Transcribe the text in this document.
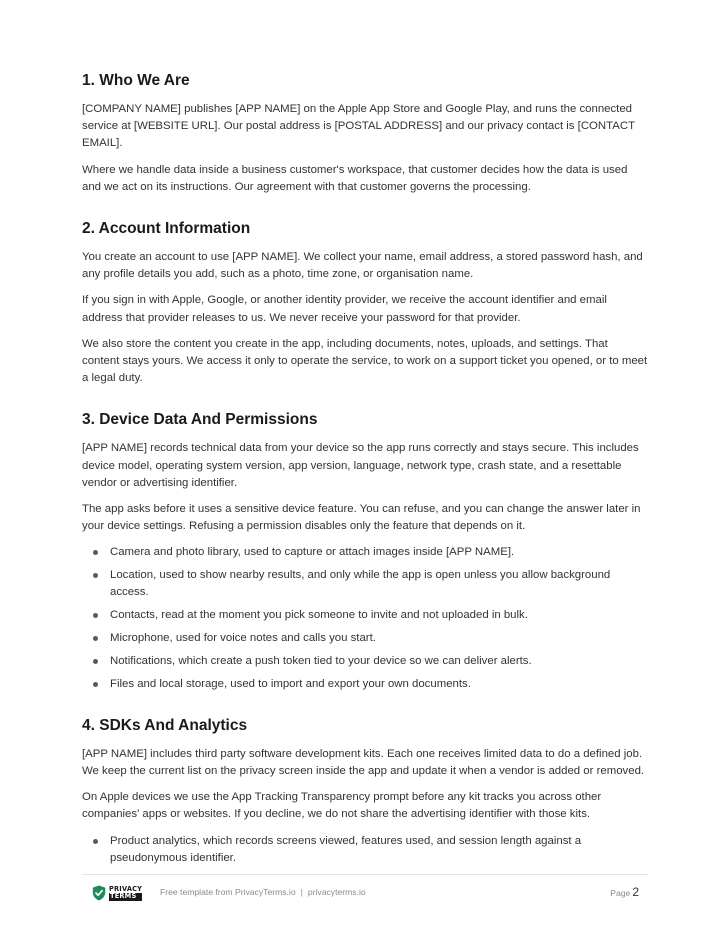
1. Who We Are

[COMPANY NAME] publishes [APP NAME] on the Apple App Store and Google Play, and runs the connected service at [WEBSITE URL]. Our postal address is [POSTAL ADDRESS] and our privacy contact is [CONTACT EMAIL].

Where we handle data inside a business customer's workspace, that customer decides how the data is used and we act on its instructions. Our agreement with that customer governs the processing.

2. Account Information

You create an account to use [APP NAME]. We collect your name, email address, a stored password hash, and any profile details you add, such as a photo, time zone, or organisation name.

If you sign in with Apple, Google, or another identity provider, we receive the account identifier and email address that provider releases to us. We never receive your password for that provider.

We also store the content you create in the app, including documents, notes, uploads, and settings. That content stays yours. We access it only to operate the service, to work on a support ticket you opened, or to meet a legal duty.

3. Device Data And Permissions

[APP NAME] records technical data from your device so the app runs correctly and stays secure. This includes device model, operating system version, app version, language, network type, crash state, and a resettable vendor or advertising identifier.

The app asks before it uses a sensitive device feature. You can refuse, and you can change the answer later in your device settings. Refusing a permission disables only the feature that depends on it.

Camera and photo library, used to capture or attach images inside [APP NAME].
Location, used to show nearby results, and only while the app is open unless you allow background access.
Contacts, read at the moment you pick someone to invite and not uploaded in bulk.
Microphone, used for voice notes and calls you start.
Notifications, which create a push token tied to your device so we can deliver alerts.
Files and local storage, used to import and export your own documents.
4. SDKs And Analytics

[APP NAME] includes third party software development kits. Each one receives limited data to do a defined job. We keep the current list on the privacy screen inside the app and update it when a vendor is added or removed.

On Apple devices we use the App Tracking Transparency prompt before any kit tracks you across other companies' apps or websites. If you decline, we do not share the advertising identifier with those kits.

Product analytics, which records screens viewed, features used, and session length against a pseudonymous identifier.
PRIVACY
TERMS	Free template from PrivacyTerms.io | privacyterms.io	Page 2
